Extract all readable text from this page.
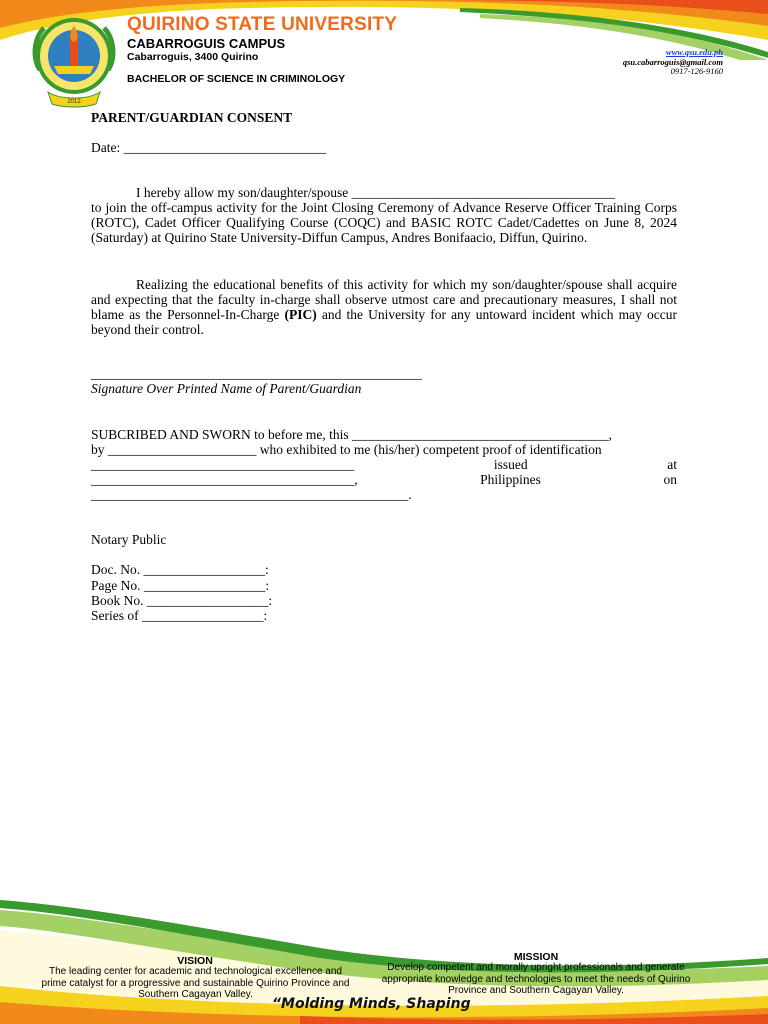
2012
QUIRINO STATE UNIVERSITY
CABARROGUIS CAMPUS
Cabarroguis, 3400 Quirino
BACHELOR OF SCIENCE IN CRIMINOLOGY
www.qsu.edu.ph
qsu.cabarroguis@gmail.com
0917-126-9160
PARENT/GUARDIAN CONSENT
Date: ______________________________
I hereby allow my son/daughter/spouse _______________________________________
to join the off-campus activity for the Joint Closing Ceremony of Advance Reserve Officer Training Corps (ROTC), Cadet Officer Qualifying Course (COQC) and BASIC ROTC Cadet/Cadettes on June 8, 2024 (Saturday) at Quirino State University-Diffun Campus, Andres Bonifaacio, Diffun, Quirino.
Realizing the educational benefits of this activity for which my son/daughter/spouse shall acquire and expecting that the faculty in-charge shall observe utmost care and precautionary measures, I shall not blame as the Personnel-In-Charge (PIC) and the University for any untoward incident which may occur beyond their control.
_________________________________________________
Signature Over Printed Name of Parent/Guardian
SUBCRIBED AND SWORN to before me, this ______________________________________,
by ______________________ who exhibited to me (his/her) competent proof of identification
_______________________________________	issued	at
_______________________________________,	Philippines	on
_______________________________________________.
Notary Public
Doc. No. __________________:
Page No. __________________:
Book No. __________________:
Series of __________________:
VISION
The leading center for academic and technological excellence and prime catalyst for a progressive and sustainable Quirino Province and Southern Cagayan Valley.
MISSION
Develop competent and morally upright professionals and generate appropriate knowledge and technologies to meet the needs of Quirino Province and Southern Cagayan Valley.
“Molding Minds, Shaping
